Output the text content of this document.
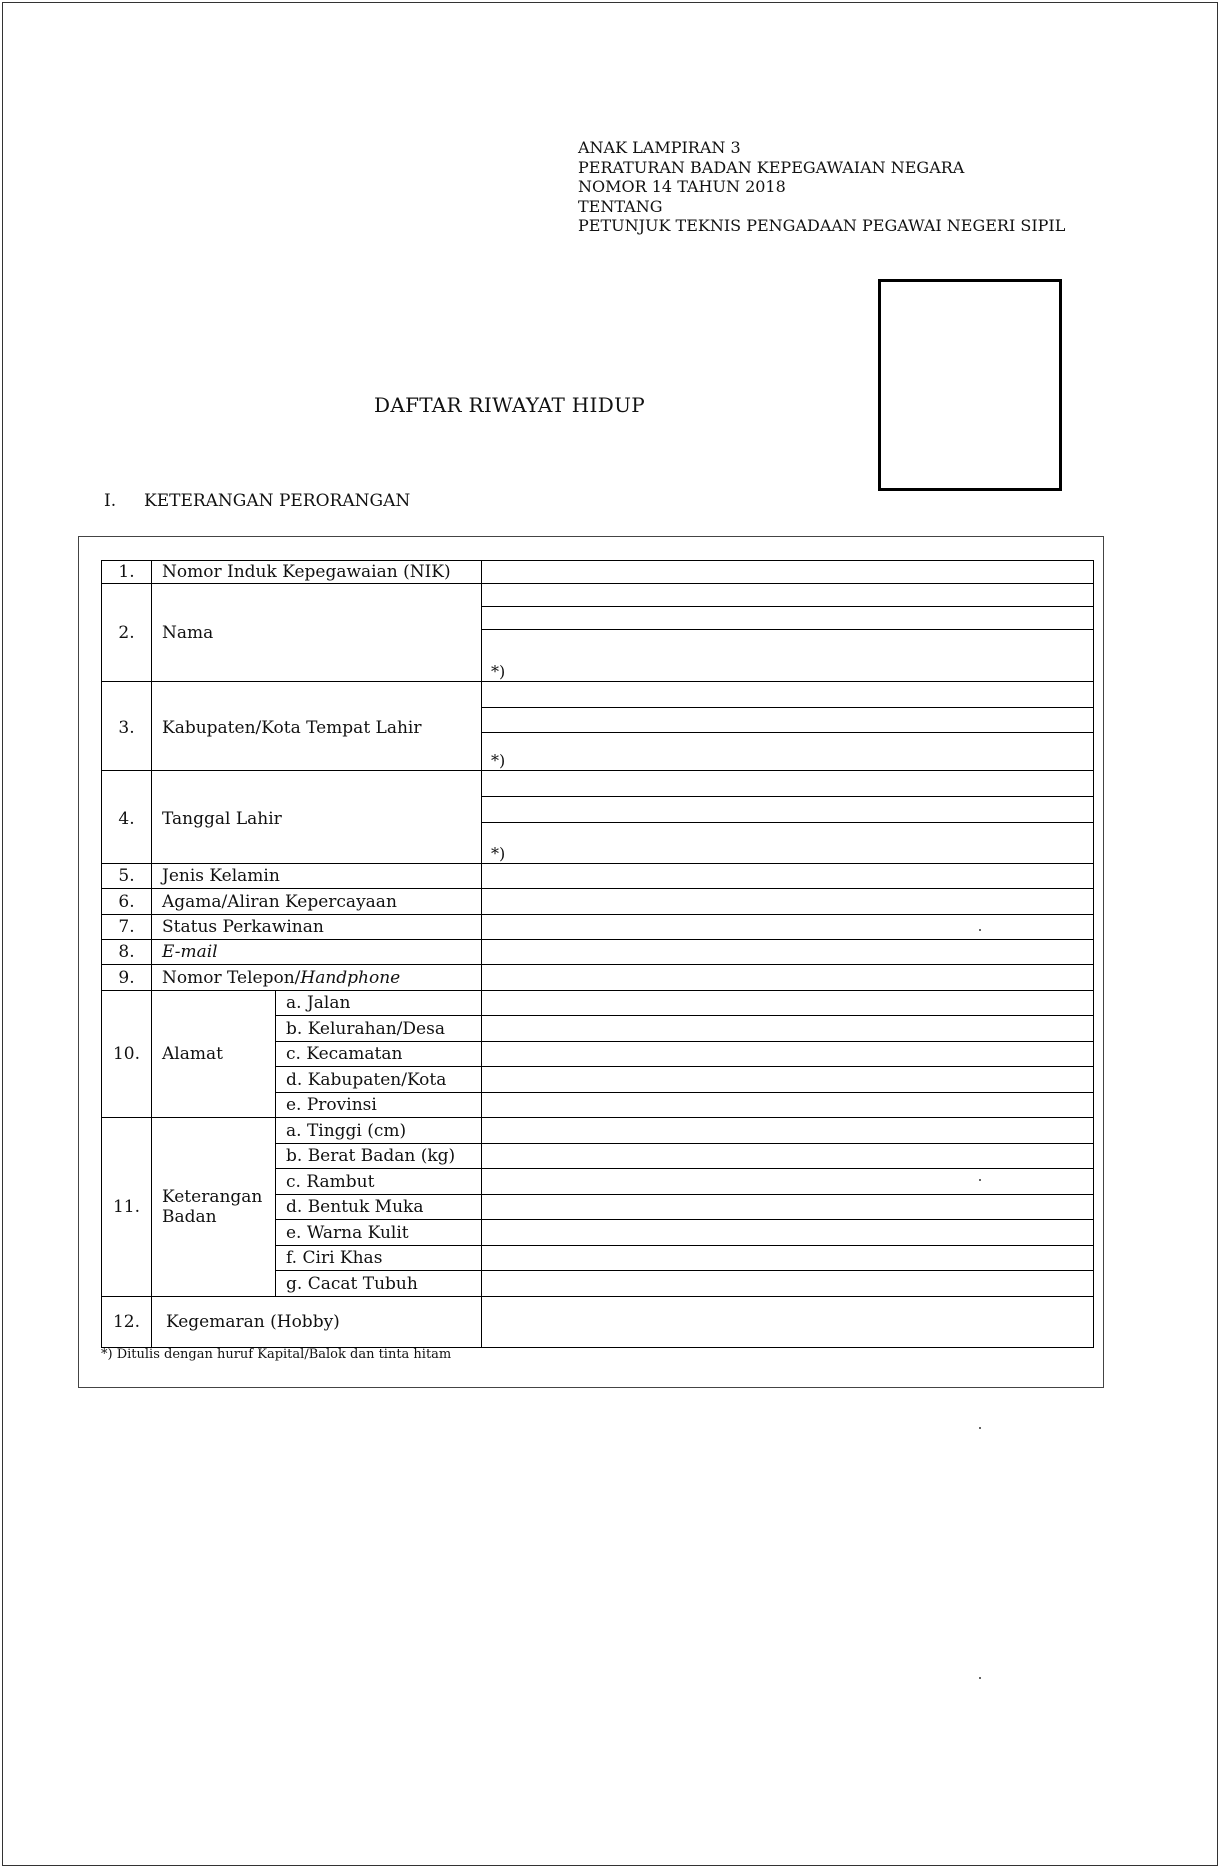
ANAK LAMPIRAN 3
PERATURAN BADAN KEPEGAWAIAN NEGARA
NOMOR 14 TAHUN 2018
TENTANG
PETUNJUK TEKNIS PENGADAAN PEGAWAI NEGERI SIPIL
DAFTAR RIWAYAT HIDUP
I. KETERANGAN PERORANGAN
1.	Nomor Induk Kepegawaian (NIK)		
2.	Nama		*)

3.	Kabupaten/Kota Tempat Lahir		*)

4.	Tanggal Lahir		*)

5.	Jenis Kelamin		
6.	Agama/Aliran Kepercayaan		
7.	Status Perkawinan		
8.	E-mail		
9.	Nomor Telepon/Handphone		
10.	Alamat	a. Jalan	
		b. Kelurahan/Desa	
		c. Kecamatan	
		d. Kabupaten/Kota	
		e. Provinsi	
11.	Keterangan
Badan	a. Tinggi (cm)	
		b. Berat Badan (kg)	
		c. Rambut	
		d. Bentuk Muka	
		e. Warna Kulit	
		f. Ciri Khas	
		g. Cacat Tubuh	
12.	Kegemaran (Hobby)		
*) Ditulis dengan huruf Kapital/Balok dan tinta hitam
